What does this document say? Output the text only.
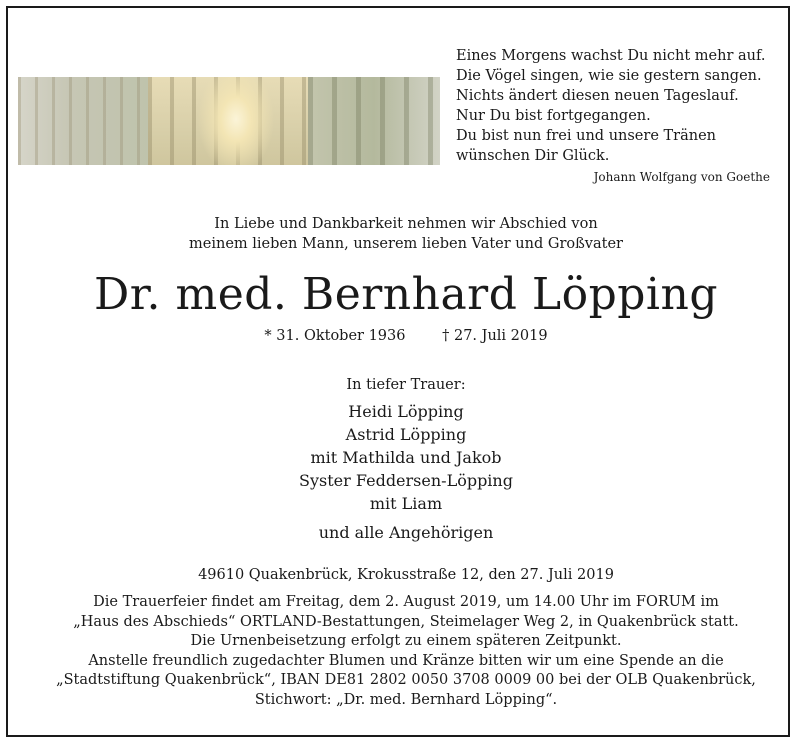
Eines Morgens wachst Du nicht mehr auf.
Die Vögel singen, wie sie gestern sangen.
Nichts ändert diesen neuen Tageslauf.
Nur Du bist fortgegangen.
Du bist nun frei und unsere Tränen
wünschen Dir Glück.
Johann Wolfgang von Goethe
In Liebe und Dankbarkeit nehmen wir Abschied von
meinem lieben Mann, unserem lieben Vater und Großvater
Dr. med. Bernhard Löpping
* 31. Oktober 1936	† 27. Juli 2019
In tiefer Trauer:
Heidi Löpping
Astrid Löpping
mit Mathilda und Jakob
Syster Feddersen-Löpping
mit Liam
und alle Angehörigen
49610 Quakenbrück, Krokusstraße 12, den 27. Juli 2019
Die Trauerfeier findet am Freitag, dem 2. August 2019, um 14.00 Uhr im FORUM im
„Haus des Abschieds“ ORTLAND-Bestattungen, Steimelager Weg 2, in Quakenbrück statt.
Die Urnenbeisetzung erfolgt zu einem späteren Zeitpunkt.
Anstelle freundlich zugedachter Blumen und Kränze bitten wir um eine Spende an die
„Stadtstiftung Quakenbrück“, IBAN DE81 2802 0050 3708 0009 00 bei der OLB Quakenbrück,
Stichwort: „Dr. med. Bernhard Löpping“.
